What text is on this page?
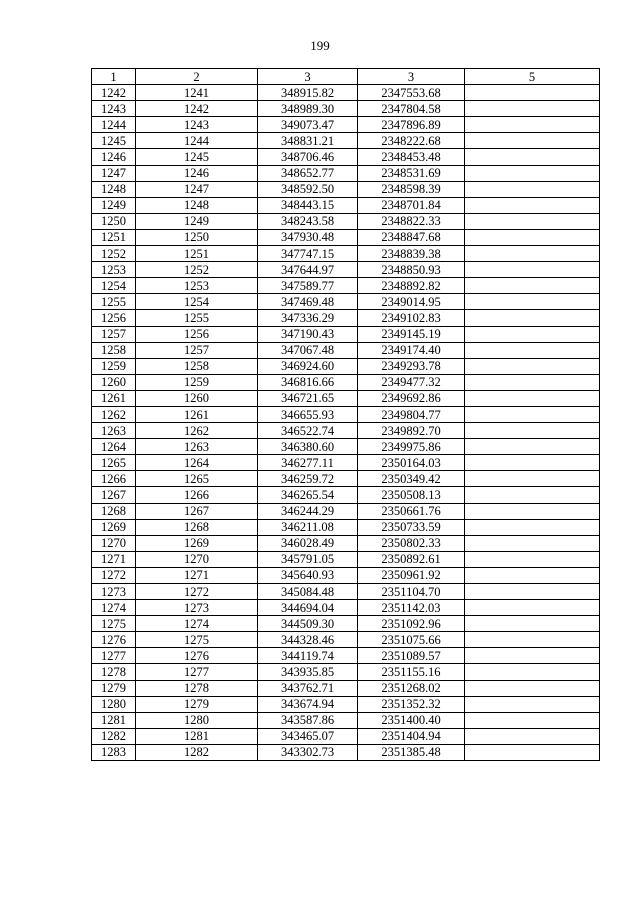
199
1	2	3	3	5
1242	1241	348915.82	2347553.68	
1243	1242	348989.30	2347804.58	
1244	1243	349073.47	2347896.89	
1245	1244	348831.21	2348222.68	
1246	1245	348706.46	2348453.48	
1247	1246	348652.77	2348531.69	
1248	1247	348592.50	2348598.39	
1249	1248	348443.15	2348701.84	
1250	1249	348243.58	2348822.33	
1251	1250	347930.48	2348847.68	
1252	1251	347747.15	2348839.38	
1253	1252	347644.97	2348850.93	
1254	1253	347589.77	2348892.82	
1255	1254	347469.48	2349014.95	
1256	1255	347336.29	2349102.83	
1257	1256	347190.43	2349145.19	
1258	1257	347067.48	2349174.40	
1259	1258	346924.60	2349293.78	
1260	1259	346816.66	2349477.32	
1261	1260	346721.65	2349692.86	
1262	1261	346655.93	2349804.77	
1263	1262	346522.74	2349892.70	
1264	1263	346380.60	2349975.86	
1265	1264	346277.11	2350164.03	
1266	1265	346259.72	2350349.42	
1267	1266	346265.54	2350508.13	
1268	1267	346244.29	2350661.76	
1269	1268	346211.08	2350733.59	
1270	1269	346028.49	2350802.33	
1271	1270	345791.05	2350892.61	
1272	1271	345640.93	2350961.92	
1273	1272	345084.48	2351104.70	
1274	1273	344694.04	2351142.03	
1275	1274	344509.30	2351092.96	
1276	1275	344328.46	2351075.66	
1277	1276	344119.74	2351089.57	
1278	1277	343935.85	2351155.16	
1279	1278	343762.71	2351268.02	
1280	1279	343674.94	2351352.32	
1281	1280	343587.86	2351400.40	
1282	1281	343465.07	2351404.94	
1283	1282	343302.73	2351385.48	
